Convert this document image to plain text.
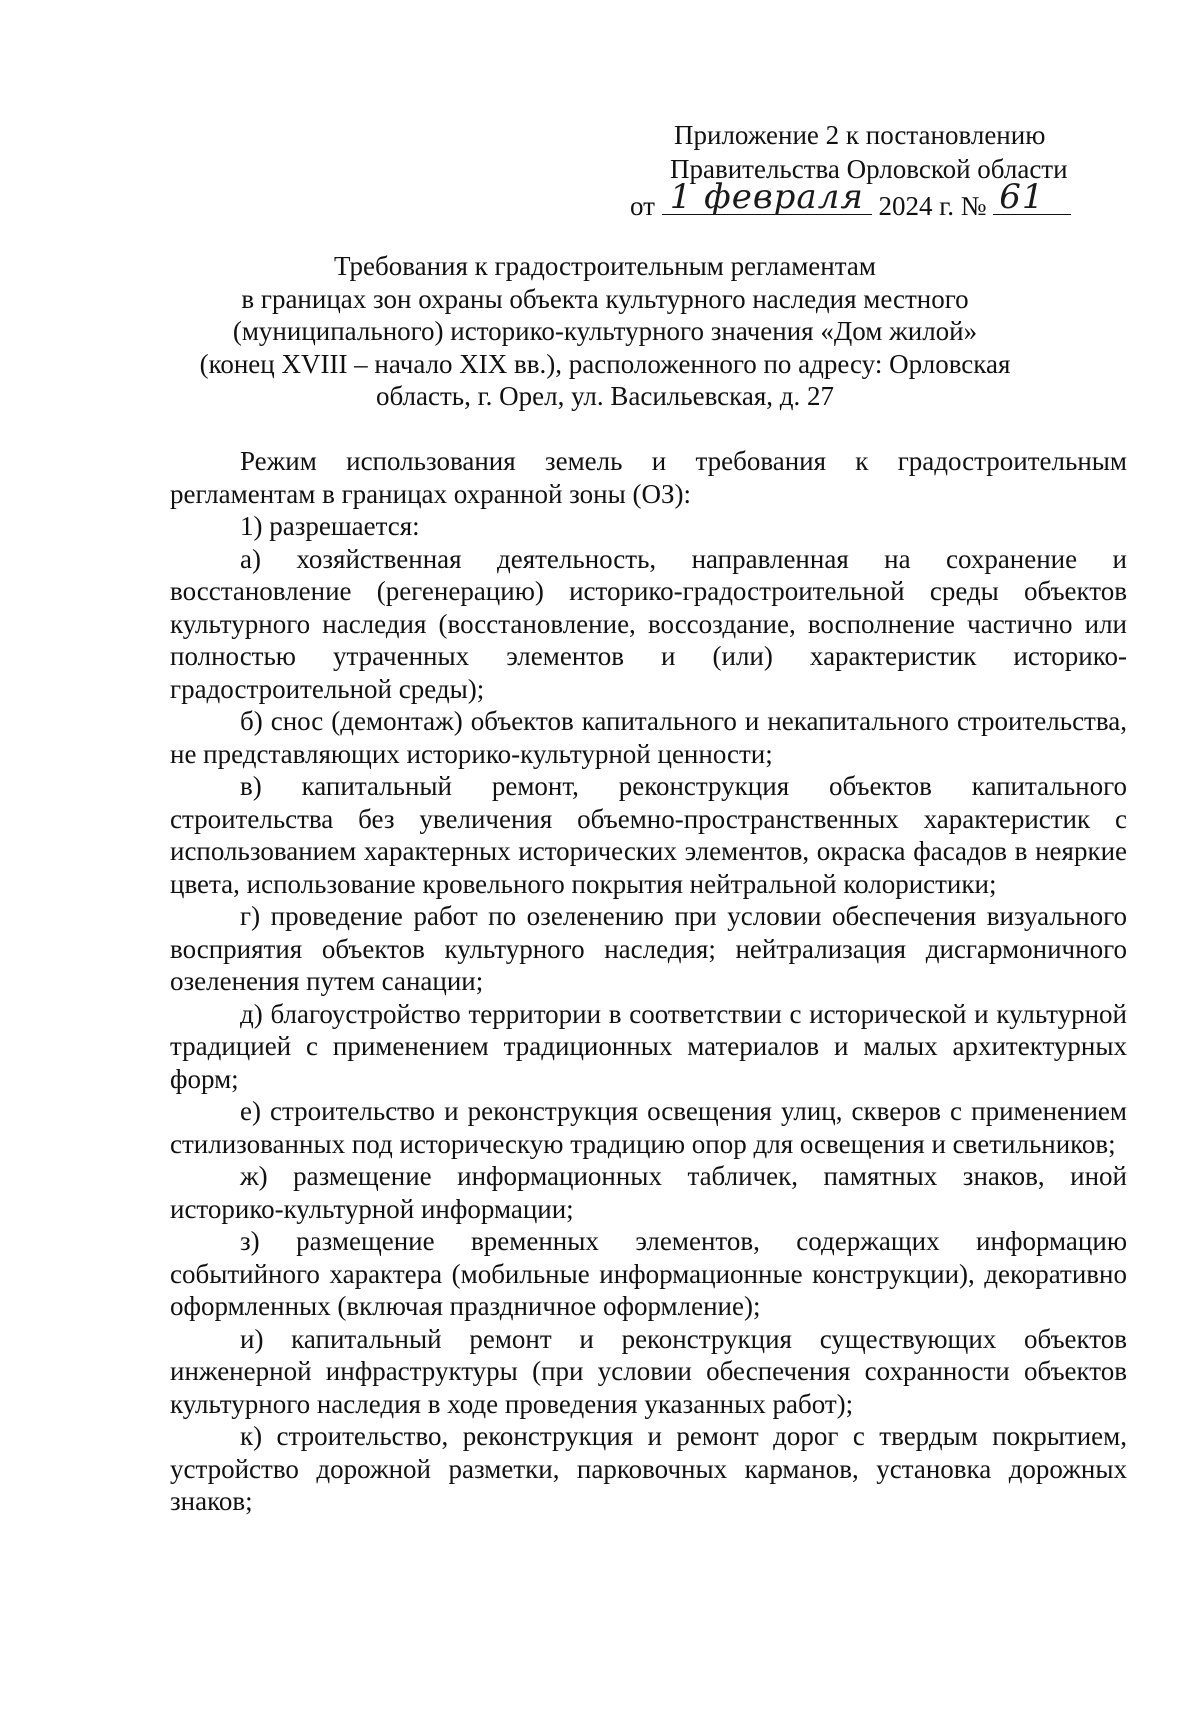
Приложение 2 к постановлению
Правительства Орловской области
от 1 февраля 2024 г. № 61
Требования к градостроительным регламентам
в границах зон охраны объекта культурного наследия местного
(муниципального) историко-культурного значения «Дом жилой»
(конец XVIII – начало XIX вв.), расположенного по адресу: Орловская
область, г. Орел, ул. Васильевская, д. 27

Режим использования земель и требования к градостроительным регламентам в границах охранной зоны (ОЗ):

1) разрешается:

а) хозяйственная деятельность, направленная на сохранение и восстановление (регенерацию) историко-градостроительной среды объектов культурного наследия (восстановление, воссоздание, восполнение частично или полностью утраченных элементов и (или) характеристик историко-градостроительной среды);

б) снос (демонтаж) объектов капитального и некапитального строительства, не представляющих историко-культурной ценности;

в) капитальный ремонт, реконструкция объектов капитального строительства без увеличения объемно-пространственных характеристик с использованием характерных исторических элементов, окраска фасадов в неяркие цвета, использование кровельного покрытия нейтральной колористики;

г) проведение работ по озеленению при условии обеспечения визуального восприятия объектов культурного наследия; нейтрализация дисгармоничного озеленения путем санации;

д) благоустройство территории в соответствии с исторической и культурной традицией с применением традиционных материалов и малых архитектурных форм;

е) строительство и реконструкция освещения улиц, скверов с применением стилизованных под историческую традицию опор для освещения и светильников;

ж) размещение информационных табличек, памятных знаков, иной историко-культурной информации;

з) размещение временных элементов, содержащих информацию событийного характера (мобильные информационные конструкции), декоративно оформленных (включая праздничное оформление);

и) капитальный ремонт и реконструкция существующих объектов инженерной инфраструктуры (при условии обеспечения сохранности объектов культурного наследия в ходе проведения указанных работ);

к) строительство, реконструкция и ремонт дорог с твердым покрытием, устройство дорожной разметки, парковочных карманов, установка дорожных знаков;
